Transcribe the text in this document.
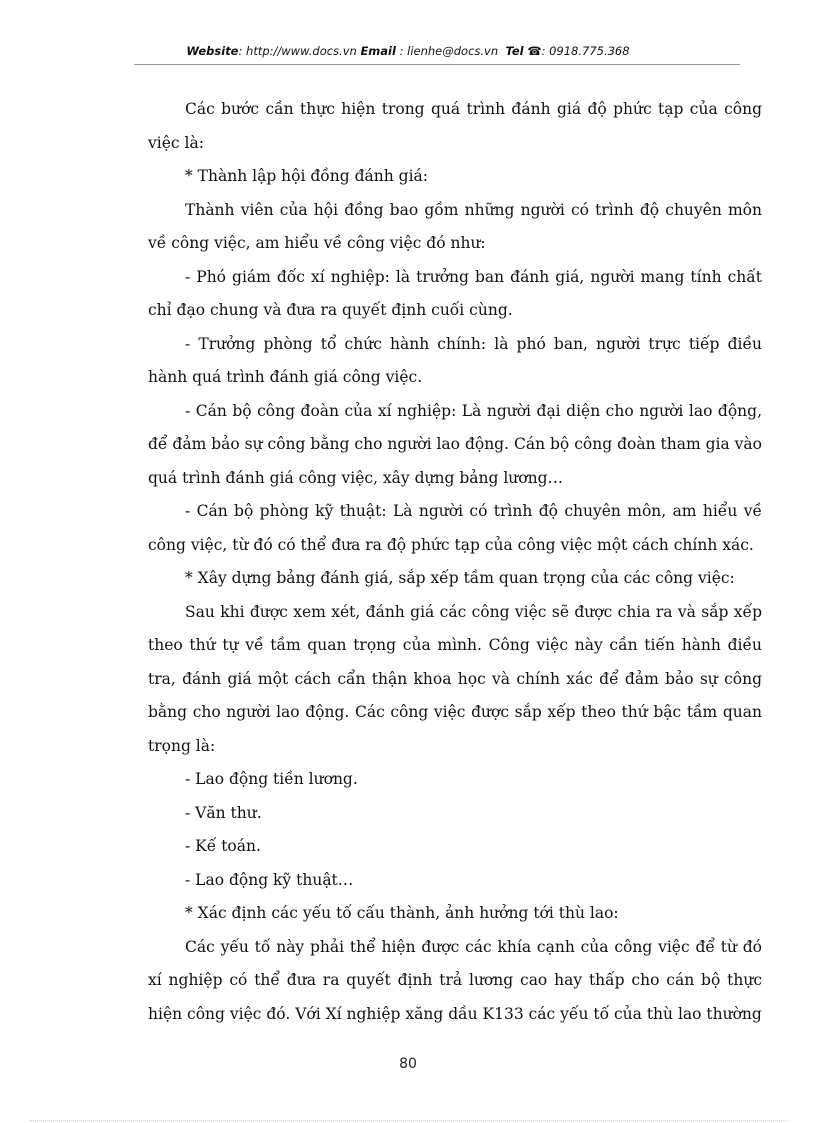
Website: http://www.docs.vn Email : lienhe@docs.vn Tel ☎: 0918.775.368

Các bước cần thực hiện trong quá trình đánh giá độ phức tạp của công việc là:

* Thành lập hội đồng đánh giá:

Thành viên của hội đồng bao gồm những người có trình độ chuyên môn về công việc, am hiểu về công việc đó như:

- Phó giám đốc xí nghiệp: là trưởng ban đánh giá, người mang tính chất chỉ đạo chung và đưa ra quyết định cuối cùng.

- Trưởng phòng tổ chức hành chính: là phó ban, người trực tiếp điều hành quá trình đánh giá công việc.

- Cán bộ công đoàn của xí nghiệp: Là người đại diện cho người lao động, để đảm bảo sự công bằng cho người lao động. Cán bộ công đoàn tham gia vào quá trình đánh giá công việc, xây dựng bảng lương…

- Cán bộ phòng kỹ thuật: Là người có trình độ chuyên môn, am hiểu về công việc, từ đó có thể đưa ra độ phức tạp của công việc một cách chính xác.

* Xây dựng bảng đánh giá, sắp xếp tầm quan trọng của các công việc:

Sau khi được xem xét, đánh giá các công việc sẽ được chia ra và sắp xếp theo thứ tự về tầm quan trọng của mình. Công việc này cần tiến hành điều tra, đánh giá một cách cẩn thận khoa học và chính xác để đảm bảo sự công bằng cho người lao động. Các công việc được sắp xếp theo thứ bậc tầm quan trọng là:

- Lao động tiền lương.

- Văn thư.

- Kế toán.

- Lao động kỹ thuật…

* Xác định các yếu tố cấu thành, ảnh hưởng tới thù lao:

Các yếu tố này phải thể hiện được các khía cạnh của công việc để từ đó xí nghiệp có thể đưa ra quyết định trả lương cao hay thấp cho cán bộ thực hiện công việc đó. Với Xí nghiệp xăng dầu K133 các yếu tố của thù lao thường

80
